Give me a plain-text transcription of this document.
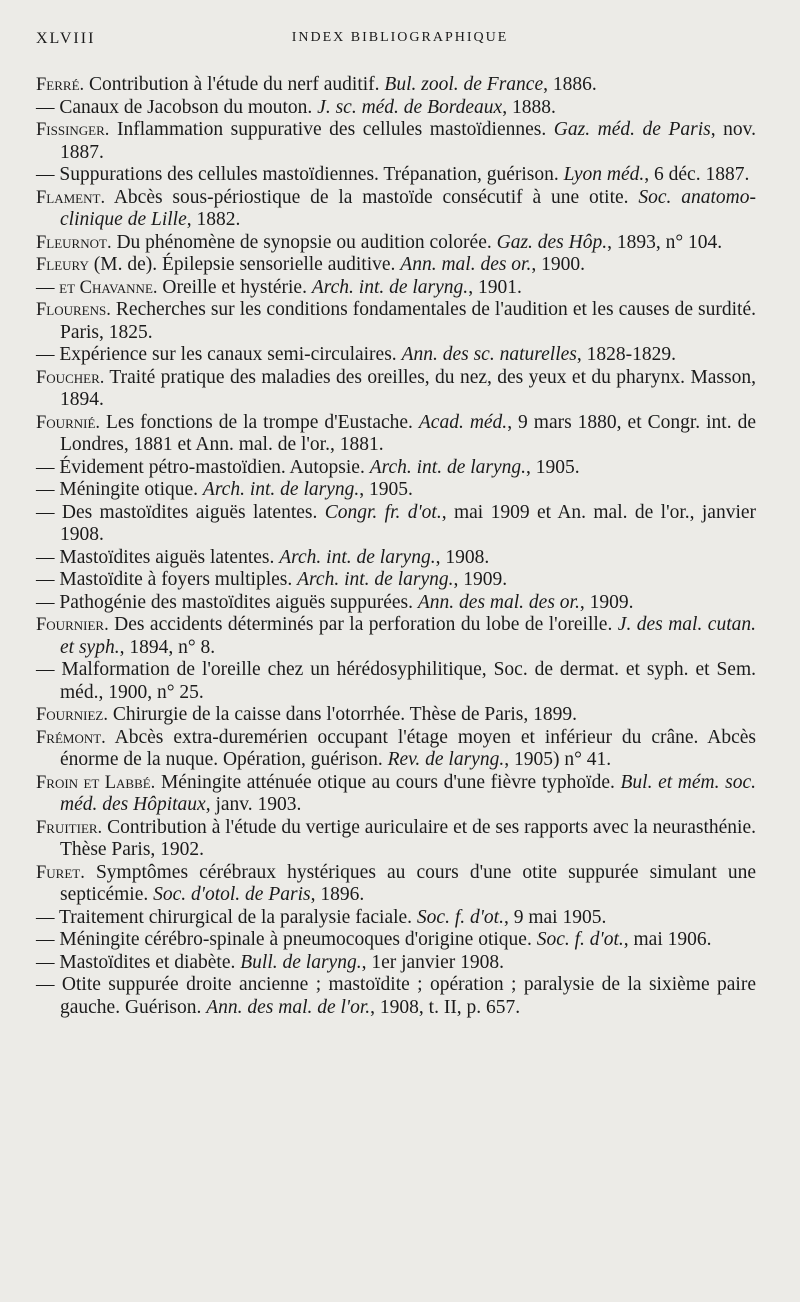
XLVIII	INDEX BIBLIOGRAPHIQUE

Ferré. Contribution à l'étude du nerf auditif. Bul. zool. de France, 1886.

— Canaux de Jacobson du mouton. J. sc. méd. de Bordeaux, 1888.

Fissinger. Inflammation suppurative des cellules mastoïdiennes. Gaz. méd. de Paris, nov. 1887.

— Suppurations des cellules mastoïdiennes. Trépanation, guérison. Lyon méd., 6 déc. 1887.

Flament. Abcès sous-périostique de la mastoïde consécutif à une otite. Soc. anatomo-clinique de Lille, 1882.

Fleurnot. Du phénomène de synopsie ou audition colorée. Gaz. des Hôp., 1893, n° 104.

Fleury (M. de). Épilepsie sensorielle auditive. Ann. mal. des or., 1900.

— et Chavanne. Oreille et hystérie. Arch. int. de laryng., 1901.

Flourens. Recherches sur les conditions fondamentales de l'audition et les causes de surdité. Paris, 1825.

— Expérience sur les canaux semi-circulaires. Ann. des sc. naturelles, 1828-1829.

Foucher. Traité pratique des maladies des oreilles, du nez, des yeux et du pharynx. Masson, 1894.

Fournié. Les fonctions de la trompe d'Eustache. Acad. méd., 9 mars 1880, et Congr. int. de Londres, 1881 et Ann. mal. de l'or., 1881.

— Évidement pétro-mastoïdien. Autopsie. Arch. int. de laryng., 1905.

— Méningite otique. Arch. int. de laryng., 1905.

— Des mastoïdites aiguës latentes. Congr. fr. d'ot., mai 1909 et An. mal. de l'or., janvier 1908.

— Mastoïdites aiguës latentes. Arch. int. de laryng., 1908.

— Mastoïdite à foyers multiples. Arch. int. de laryng., 1909.

— Pathogénie des mastoïdites aiguës suppurées. Ann. des mal. des or., 1909.

Fournier. Des accidents déterminés par la perforation du lobe de l'oreille. J. des mal. cutan. et syph., 1894, n° 8.

— Malformation de l'oreille chez un hérédosyphilitique, Soc. de dermat. et syph. et Sem. méd., 1900, n° 25.

Fourniez. Chirurgie de la caisse dans l'otorrhée. Thèse de Paris, 1899.

Frémont. Abcès extra-duremérien occupant l'étage moyen et inférieur du crâne. Abcès énorme de la nuque. Opération, guérison. Rev. de laryng., 1905) n° 41.

Froin et Labbé. Méningite atténuée otique au cours d'une fièvre typhoïde. Bul. et mém. soc. méd. des Hôpitaux, janv. 1903.

Fruitier. Contribution à l'étude du vertige auriculaire et de ses rapports avec la neurasthénie. Thèse Paris, 1902.

Furet. Symptômes cérébraux hystériques au cours d'une otite suppurée simulant une septicémie. Soc. d'otol. de Paris, 1896.

— Traitement chirurgical de la paralysie faciale. Soc. f. d'ot., 9 mai 1905.

— Méningite cérébro-spinale à pneumocoques d'origine otique. Soc. f. d'ot., mai 1906.

— Mastoïdites et diabète. Bull. de laryng., 1er janvier 1908.

— Otite suppurée droite ancienne ; mastoïdite ; opération ; paralysie de la sixième paire gauche. Guérison. Ann. des mal. de l'or., 1908, t. II, p. 657.
